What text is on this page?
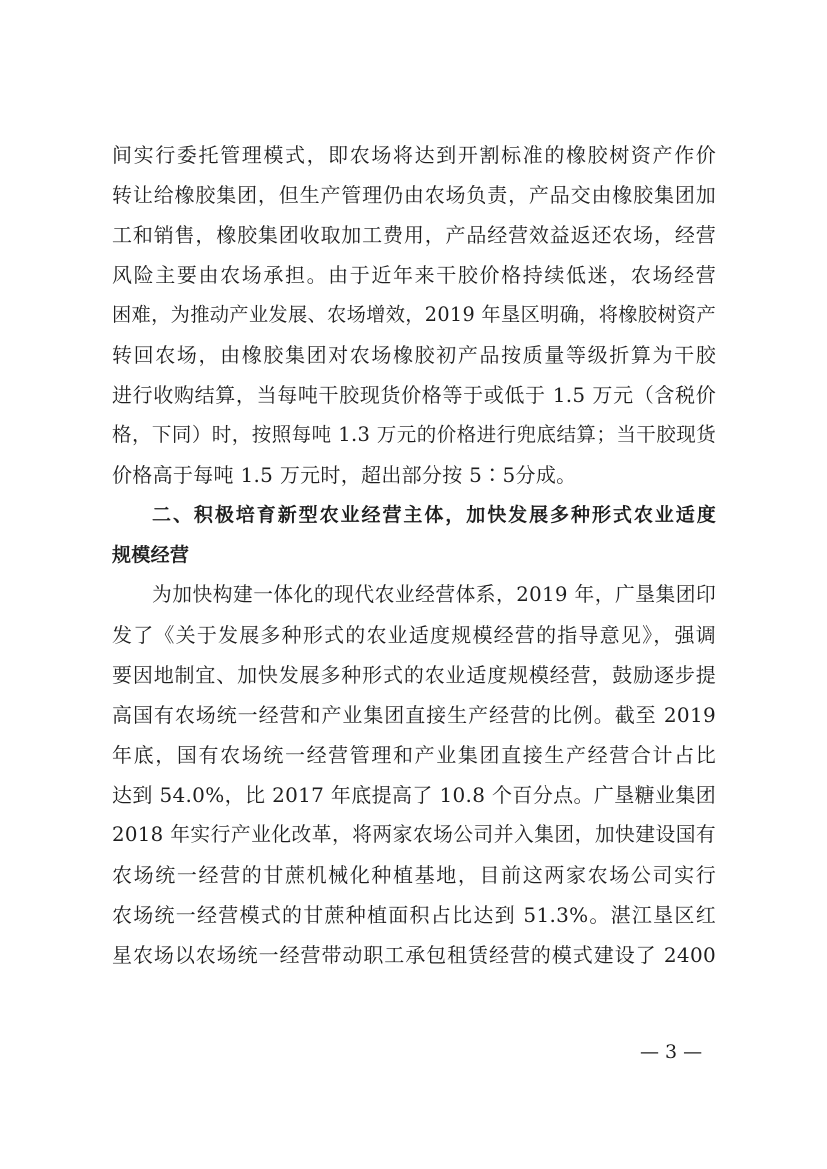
间实行委托管理模式，即农场将达到开割标准的橡胶树资产作价
转让给橡胶集团，但生产管理仍由农场负责，产品交由橡胶集团加
工和销售，橡胶集团收取加工费用，产品经营效益返还农场，经营
风险主要由农场承担。由于近年来干胶价格持续低迷，农场经营
困难，为推动产业发展、农场增效，2019 年垦区明确，将橡胶树资产
转回农场，由橡胶集团对农场橡胶初产品按质量等级折算为干胶
进行收购结算，当每吨干胶现货价格等于或低于 1.5 万元（含税价
格，下同）时，按照每吨 1.3 万元的价格进行兜底结算；当干胶现货
价格高于每吨 1.5 万元时，超出部分按 5∶5分成。
二、积极培育新型农业经营主体，加快发展多种形式农业适度
规模经营
为加快构建一体化的现代农业经营体系，2019 年，广垦集团印
发了《关于发展多种形式的农业适度规模经营的指导意见》，强调
要因地制宜、加快发展多种形式的农业适度规模经营，鼓励逐步提
高国有农场统一经营和产业集团直接生产经营的比例。截至 2019
年底，国有农场统一经营管理和产业集团直接生产经营合计占比
达到 54.0%，比 2017 年底提高了 10.8 个百分点。广垦糖业集团
2018 年实行产业化改革，将两家农场公司并入集团，加快建设国有
农场统一经营的甘蔗机械化种植基地，目前这两家农场公司实行
农场统一经营模式的甘蔗种植面积占比达到 51.3%。湛江垦区红
星农场以农场统一经营带动职工承包租赁经营的模式建设了 2400
— 3 —
